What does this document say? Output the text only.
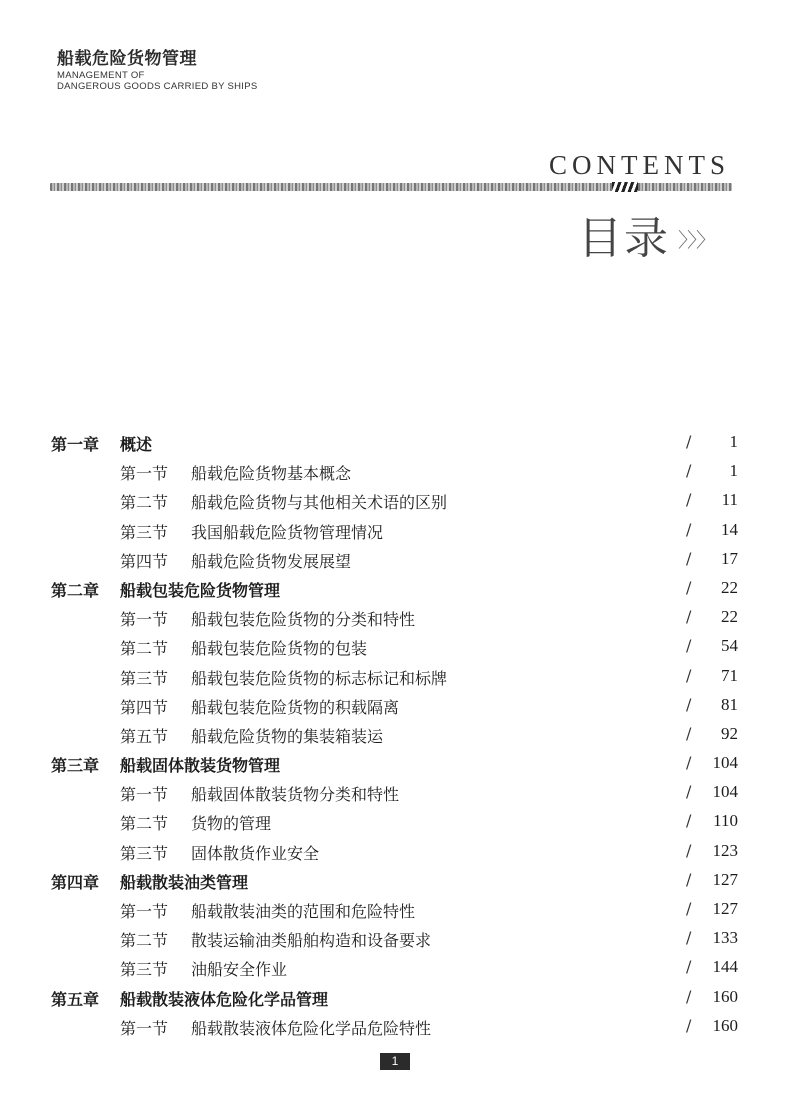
船载危险货物管理
MANAGEMENT OF
DANGEROUS GOODS CARRIED BY SHIPS
CONTENTS
目录 〉〉〉
第一章 概述	/	1
第一节 船载危险货物基本概念	/	1
第二节 船载危险货物与其他相关术语的区别	/	11
第三节 我国船载危险货物管理情况	/	14
第四节 船载危险货物发展展望	/	17
第二章 船载包装危险货物管理	/	22
第一节 船载包装危险货物的分类和特性	/	22
第二节 船载包装危险货物的包装	/	54
第三节 船载包装危险货物的标志标记和标牌	/	71
第四节 船载包装危险货物的积载隔离	/	81
第五节 船载危险货物的集装箱装运	/	92
第三章 船载固体散装货物管理	/	104
第一节 船载固体散装货物分类和特性	/	104
第二节 货物的管理	/	110
第三节 固体散货作业安全	/	123
第四章 船载散装油类管理	/	127
第一节 船载散装油类的范围和危险特性	/	127
第二节 散装运输油类船舶构造和设备要求	/	133
第三节 油船安全作业	/	144
第五章 船载散装液体危险化学品管理	/	160
第一节 船载散装液体危险化学品危险特性	/	160
1
